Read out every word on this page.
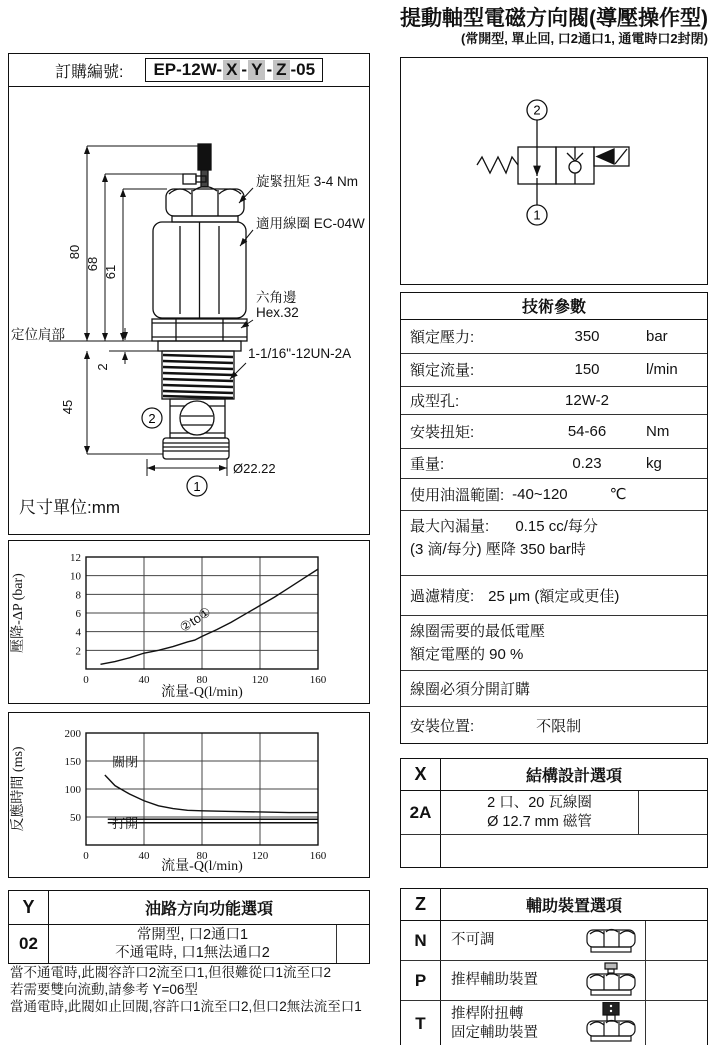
提動軸型電磁方向閥(導壓操作型)
(常開型, 單止回, 口2通口1, 通電時口2封閉)
訂購編號: EP-12W- X - Y - Z -05
80
68
61
2
45
Ø22.22
定位肩部
旋緊扭矩 3-4 Nm
適用線圈 EC-04W
六角邊
Hex.32
1-1/16"-12UN-2A
2
1
尺寸單位:mm
0	40	80	120	160
2
4
6
8
10
12
②to①
流量-Q(l/min)
壓降-ΔP (bar)
0	40	80	120	160
50
100
150
200
關閉
打開
流量-Q(l/min)
反應時間 (ms)
Y	油路方向功能選項
02	常開型, 口2通口1
不通電時, 口1無法通口2
當不通電時,此閥容許口2流至口1,但很難從口1流至口2
若需要雙向流動,請參考 Y=06型
當通電時,此閥如止回閥,容許口1流至口2,但口2無法流至口1
2
1
技術參數
額定壓力:	350	bar
額定流量:	150	l/min
成型孔:	12W-2
安裝扭矩:	54-66	Nm
重量:	0.23	kg
使用油溫範圍: -40~120	℃
最大內漏量: 0.15 cc/每分
(3 滴/每分) 壓降 350 bar時
過濾精度: 25 μm (額定或更佳)
線圈需要的最低電壓
額定電壓的 90 %
線圈必須分開訂購
安裝位置:	不限制
X	結構設計選項
2A	2 口、20 瓦線圈
Ø 12.7 mm 磁管
Z	輔助裝置選項
N	不可調
P	推桿輔助裝置
T	推桿附扭轉
固定輔助裝置
